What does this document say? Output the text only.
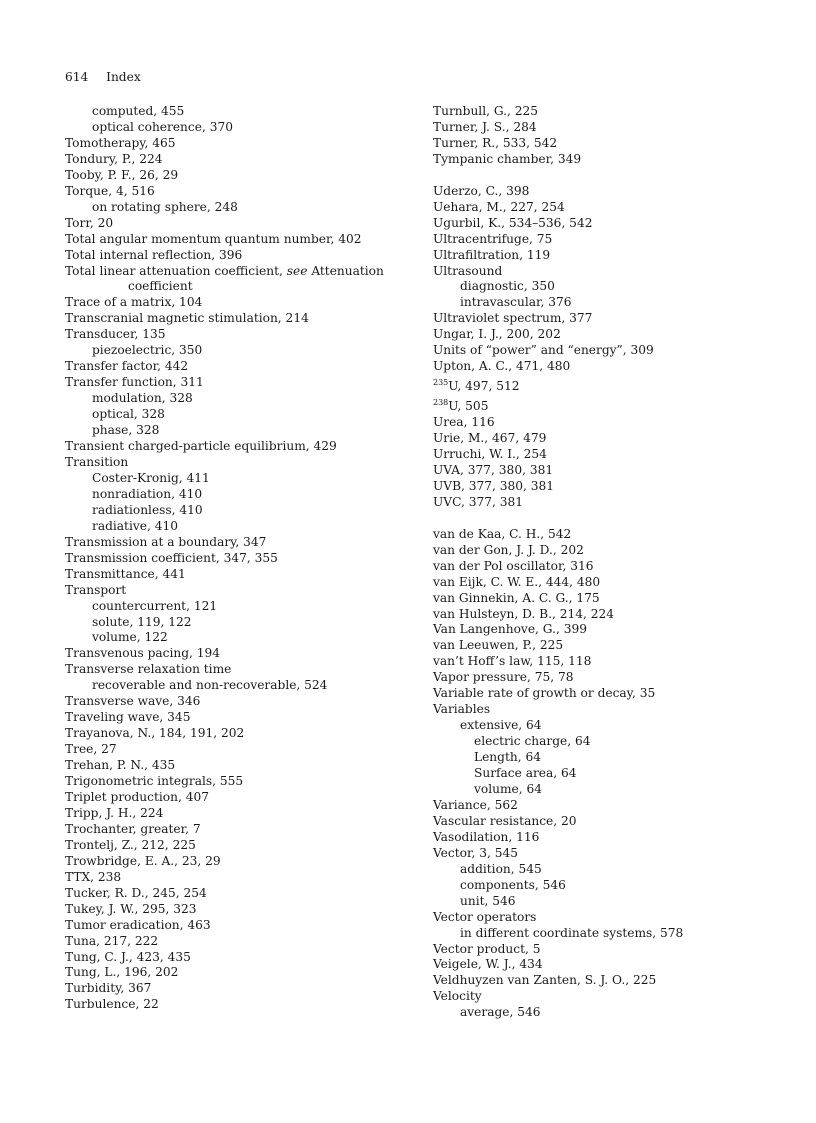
614 Index
computed, 455
optical coherence, 370
Tomotherapy, 465
Tondury, P., 224
Tooby, P. F., 26, 29
Torque, 4, 516
on rotating sphere, 248
Torr, 20
Total angular momentum quantum number, 402
Total internal reflection, 396
Total linear attenuation coefficient, see Attenuation
coefficient
Trace of a matrix, 104
Transcranial magnetic stimulation, 214
Transducer, 135
piezoelectric, 350
Transfer factor, 442
Transfer function, 311
modulation, 328
optical, 328
phase, 328
Transient charged-particle equilibrium, 429
Transition
Coster-Kronig, 411
nonradiation, 410
radiationless, 410
radiative, 410
Transmission at a boundary, 347
Transmission coefficient, 347, 355
Transmittance, 441
Transport
countercurrent, 121
solute, 119, 122
volume, 122
Transvenous pacing, 194
Transverse relaxation time
recoverable and non-recoverable, 524
Transverse wave, 346
Traveling wave, 345
Trayanova, N., 184, 191, 202
Tree, 27
Trehan, P. N., 435
Trigonometric integrals, 555
Triplet production, 407
Tripp, J. H., 224
Trochanter, greater, 7
Trontelj, Z., 212, 225
Trowbridge, E. A., 23, 29
TTX, 238
Tucker, R. D., 245, 254
Tukey, J. W., 295, 323
Tumor eradication, 463
Tuna, 217, 222
Tung, C. J., 423, 435
Tung, L., 196, 202
Turbidity, 367
Turbulence, 22
Turnbull, G., 225
Turner, J. S., 284
Turner, R., 533, 542
Tympanic chamber, 349
Uderzo, C., 398
Uehara, M., 227, 254
Ugurbil, K., 534–536, 542
Ultracentrifuge, 75
Ultrafiltration, 119
Ultrasound
diagnostic, 350
intravascular, 376
Ultraviolet spectrum, 377
Ungar, I. J., 200, 202
Units of “power” and “energy”, 309
Upton, A. C., 471, 480
$^{235}$U, 497, 512
$^{238}$U, 505
Urea, 116
Urie, M., 467, 479
Urruchi, W. I., 254
UVA, 377, 380, 381
UVB, 377, 380, 381
UVC, 377, 381
van de Kaa, C. H., 542
van der Gon, J. J. D., 202
van der Pol oscillator, 316
van Eijk, C. W. E., 444, 480
van Ginnekin, A. C. G., 175
van Hulsteyn, D. B., 214, 224
Van Langenhove, G., 399
van Leeuwen, P., 225
van’t Hoff’s law, 115, 118
Vapor pressure, 75, 78
Variable rate of growth or decay, 35
Variables
extensive, 64
electric charge, 64
Length, 64
Surface area, 64
volume, 64
Variance, 562
Vascular resistance, 20
Vasodilation, 116
Vector, 3, 545
addition, 545
components, 546
unit, 546
Vector operators
in different coordinate systems, 578
Vector product, 5
Veigele, W. J., 434
Veldhuyzen van Zanten, S. J. O., 225
Velocity
average, 546
